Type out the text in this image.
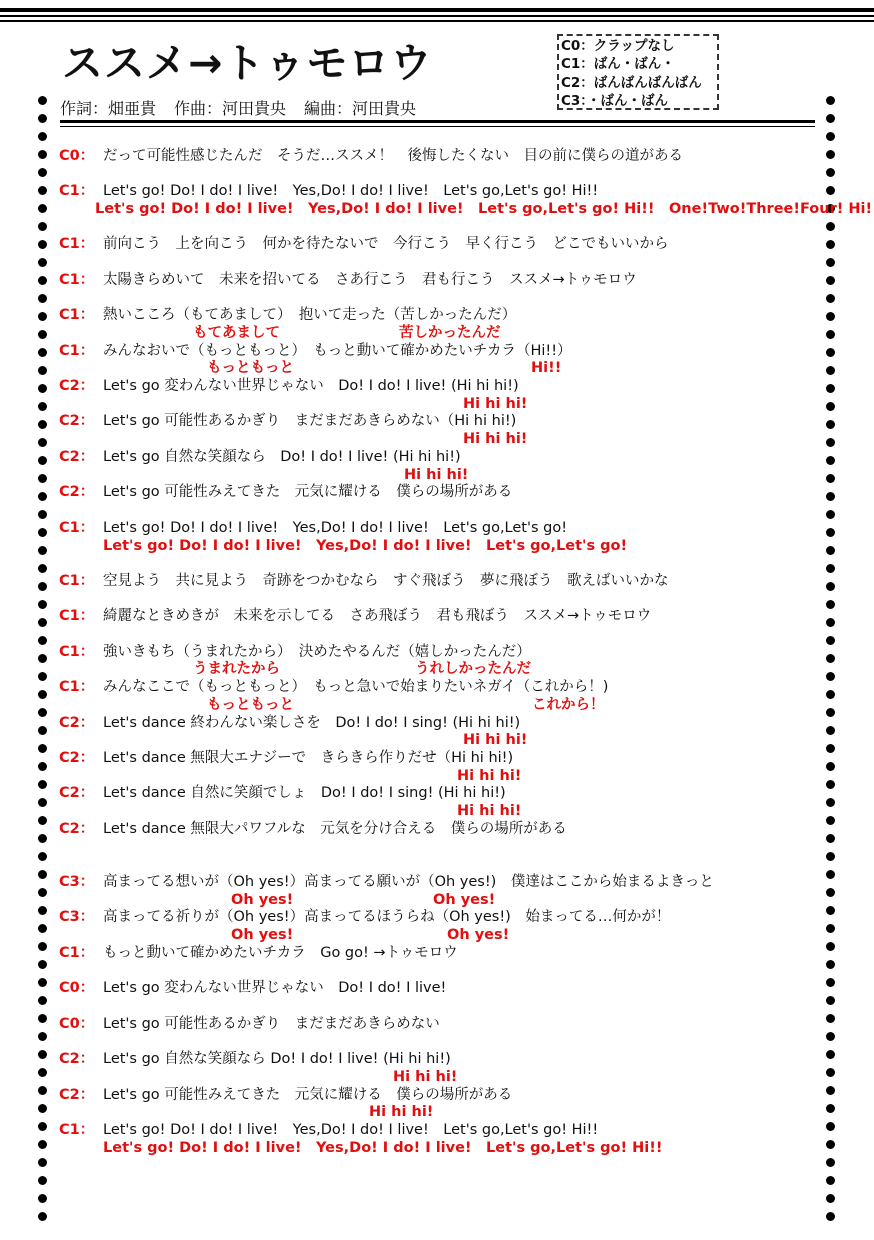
ススメ→トゥモロウ
作詞：畑亜貴 作曲：河田貴央 編曲：河田貴央
C0：クラップなし
C1：ばん・ばん・
C2：ばんばんばんばん
C3：・ばん・ばん
C0： だって可能性感じたんだ　そうだ…ススメ！　後悔したくない　目の前に僕らの道がある
C1： Let's go! Do! I do! I live!　Yes,Do! I do! I live!　Let's go,Let's go! Hi!!
C1： 前向こう　上を向こう　何かを待たないで　今行こう　早く行こう　どこでもいいから
C1： 太陽きらめいて　未来を招いてる　さあ行こう　君も行こう　ススメ→トゥモロウ
C1： 熱いこころ（もてあまして）　抱いて走った（苦しかったんだ）
C1： みんなおいで（もっともっと）　もっと動いて確かめたいチカラ（Hi!!）
C2： Let's go 変わんない世界じゃない　Do! I do! I live! (Hi hi hi!)
C2： Let's go 可能性あるかぎり　まだまだあきらめない（Hi hi hi!)
C2： Let's go 自然な笑顔なら　Do! I do! I live! (Hi hi hi!)
C2： Let's go 可能性みえてきた　元気に耀ける　僕らの場所がある
C1： Let's go! Do! I do! I live!　Yes,Do! I do! I live!　Let's go,Let's go!
C1： 空見よう　共に見よう　奇跡をつかむなら　すぐ飛ぼう　夢に飛ぼう　歌えばいいかな
C1： 綺麗なときめきが　未来を示してる　さあ飛ぼう　君も飛ぼう　ススメ→トゥモロウ
C1： 強いきもち（うまれたから）　決めたやるんだ（嬉しかったんだ）
C1： みんなここで（もっともっと）　もっと急いで始まりたいネガイ（これから！)
C2： Let's dance 終わんない楽しさを　Do! I do! I sing! (Hi hi hi!)
C2： Let's dance 無限大エナジーで　きらきら作りだせ（Hi hi hi!)
C2： Let's dance 自然に笑顔でしょ　Do! I do! I sing! (Hi hi hi!)
C2： Let's dance 無限大パワフルな　元気を分け合える　僕らの場所がある
C3： 高まってる想いが（Oh yes!）高まってる願いが（Oh yes!)　僕達はここから始まるよきっと
C3： 高まってる祈りが（Oh yes!）高まってるほうらね（Oh yes!)　始まってる…何かが！
C1： もっと動いて確かめたいチカラ　Go go! →トゥモロウ
C0： Let's go 変わんない世界じゃない　Do! I do! I live!
C0： Let's go 可能性あるかぎり　まだまだあきらめない
C2： Let's go 自然な笑顔なら Do! I do! I live! (Hi hi hi!)
C2： Let's go 可能性みえてきた　元気に耀ける　僕らの場所がある
C1： Let's go! Do! I do! I live!　Yes,Do! I do! I live!　Let's go,Let's go! Hi!!
Let's go! Do! I do! I live!　Yes,Do! I do! I live!　Let's go,Let's go! Hi!!　One!Two!Three!Four! Hi!
もてあまして	苦しかったんだ
もっともっと	Hi!!
Hi hi hi!
Hi hi hi!
Hi hi hi!
Let's go! Do! I do! I live!　Yes,Do! I do! I live!　Let's go,Let's go!
うまれたから	うれしかったんだ
もっともっと	これから！
Hi hi hi!
Hi hi hi!
Hi hi hi!
Oh yes!	Oh yes!
Oh yes!	Oh yes!
Hi hi hi!
Hi hi hi!
Let's go! Do! I do! I live!　Yes,Do! I do! I live!　Let's go,Let's go! Hi!!
